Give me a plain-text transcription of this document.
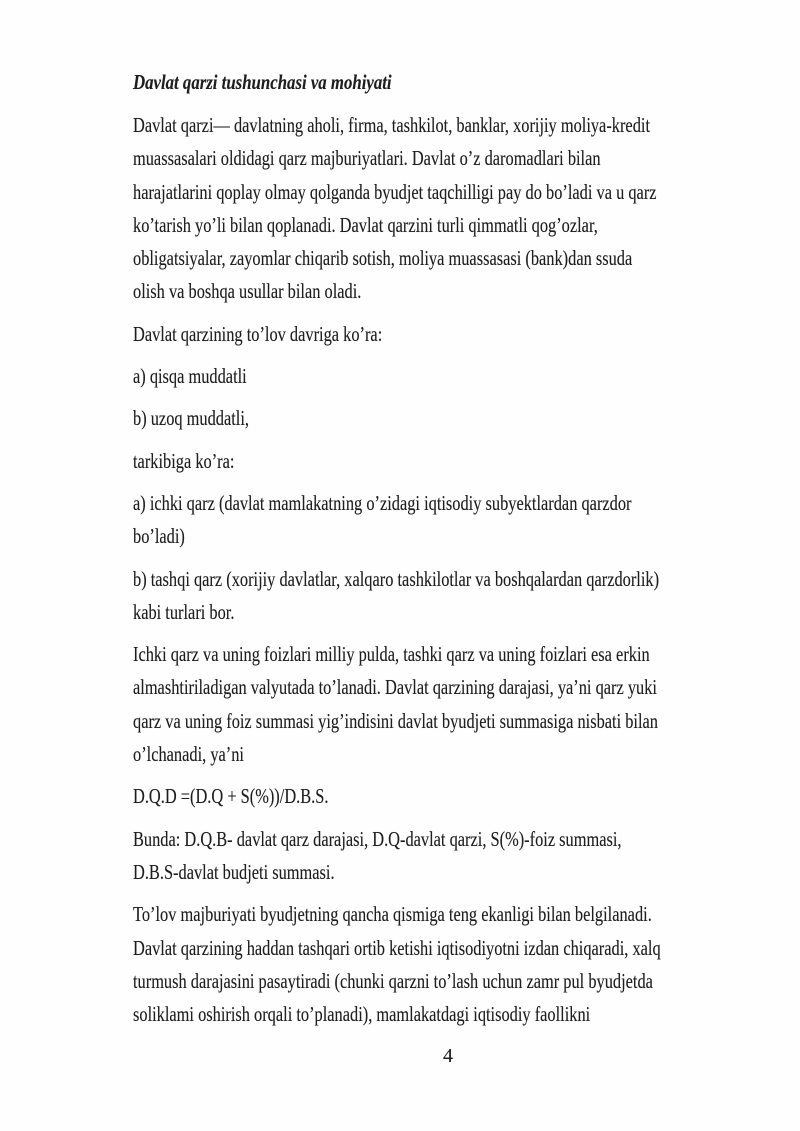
Davlat qarzi tushunchasi va mohiyati

Davlat qarzi— davlatning aholi, firma, tashkilot, banklar, xorijiy moliya-kredit
muassasalari oldidagi qarz majburiyatlari. Davlat o’z daromadlari bilan
harajatlarini qoplay olmay qolganda byudjet taqchilligi pay do bo’ladi va u qarz
ko’tarish yo’li bilan qoplanadi. Davlat qarzini turli qimmatli qog’ozlar,
obligatsiyalar, zayomlar chiqarib sotish, moliya muassasasi (bank)dan ssuda
olish va boshqa usullar bilan oladi.

Davlat qarzining to’lov davriga ko’ra:

a) qisqa muddatli

b) uzoq muddatli,

tarkibiga ko’ra:

a) ichki qarz (davlat mamlakatning o’zidagi iqtisodiy subyektlardan qarzdor
bo’ladi)

b) tashqi qarz (xorijiy davlatlar, xalqaro tashkilotlar va boshqalardan qarzdorlik)
kabi turlari bor.

Ichki qarz va uning foizlari milliy pulda, tashki qarz va uning foizlari esa erkin
almashtiriladigan valyutada to’lanadi. Davlat qarzining darajasi, ya’ni qarz yuki
qarz va uning foiz summasi yig’indisini davlat byudjeti summasiga nisbati bilan
o’lchanadi, ya’ni

D.Q.D =(D.Q + S(%))/D.B.S.

Bunda: D.Q.B- davlat qarz darajasi, D.Q-davlat qarzi, S(%)-foiz summasi,
D.B.S-davlat budjeti summasi.

To’lov majburiyati byudjetning qancha qismiga teng ekanligi bilan belgilanadi.
Davlat qarzining haddan tashqari ortib ketishi iqtisodiyotni izdan chiqaradi, xalq
turmush darajasini pasaytiradi (chunki qarzni to’lash uchun zamr pul byudjetda
soliklami oshirish orqali to’planadi), mamlakatdagi iqtisodiy faollikni

4
